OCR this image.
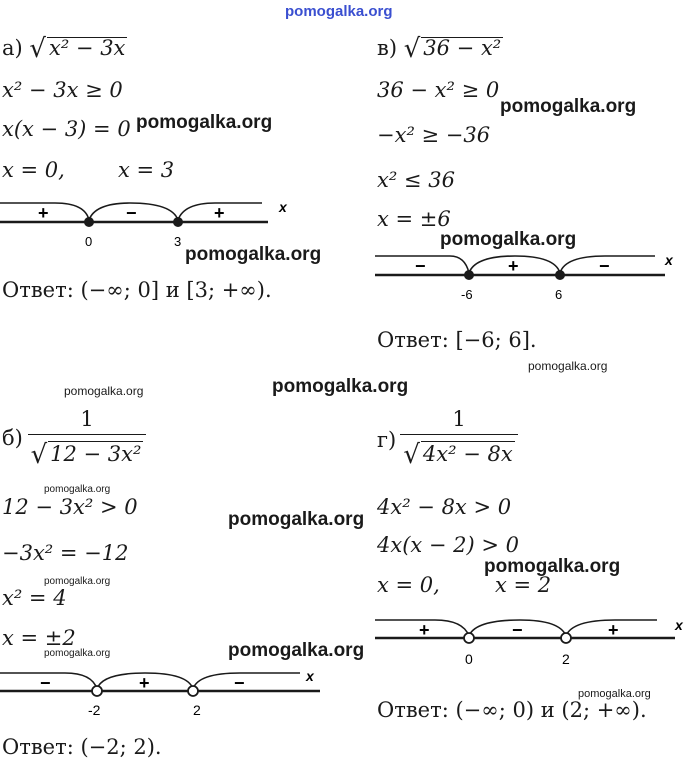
pomogalka.org
а) √ x² − 3x
x² − 3x ≥ 0
x(x − 3) = 0
x = 0,	x = 3
+	−	+
0	3
x
Ответ: (−∞; 0] и [3; +∞).
в) √ 36 − x²
36 − x² ≥ 0
−x² ≥ −36
x² ≤ 36
x = ±6
−	+	−
-6	6
x
Ответ: [−6; 6].
б)
1
√ 12 − 3x²
12 − 3x² > 0
−3x² = −12
x² = 4
x = ±2
−	+	−
-2	2
x
Ответ: (−2; 2).
г)
1
√ 4x² − 8x
4x² − 8x > 0
4x(x − 2) > 0
x = 0,	x = 2
+	−	+
0	2
x
Ответ: (−∞; 0) и (2; +∞).
pomogalka.org
pomogalka.org
pomogalka.org
pomogalka.org
pomogalka.org
pomogalka.org	pomogalka.org
pomogalka.org
pomogalka.org
pomogalka.org
pomogalka.org
pomogalka.org	pomogalka.org
pomogalka.org
